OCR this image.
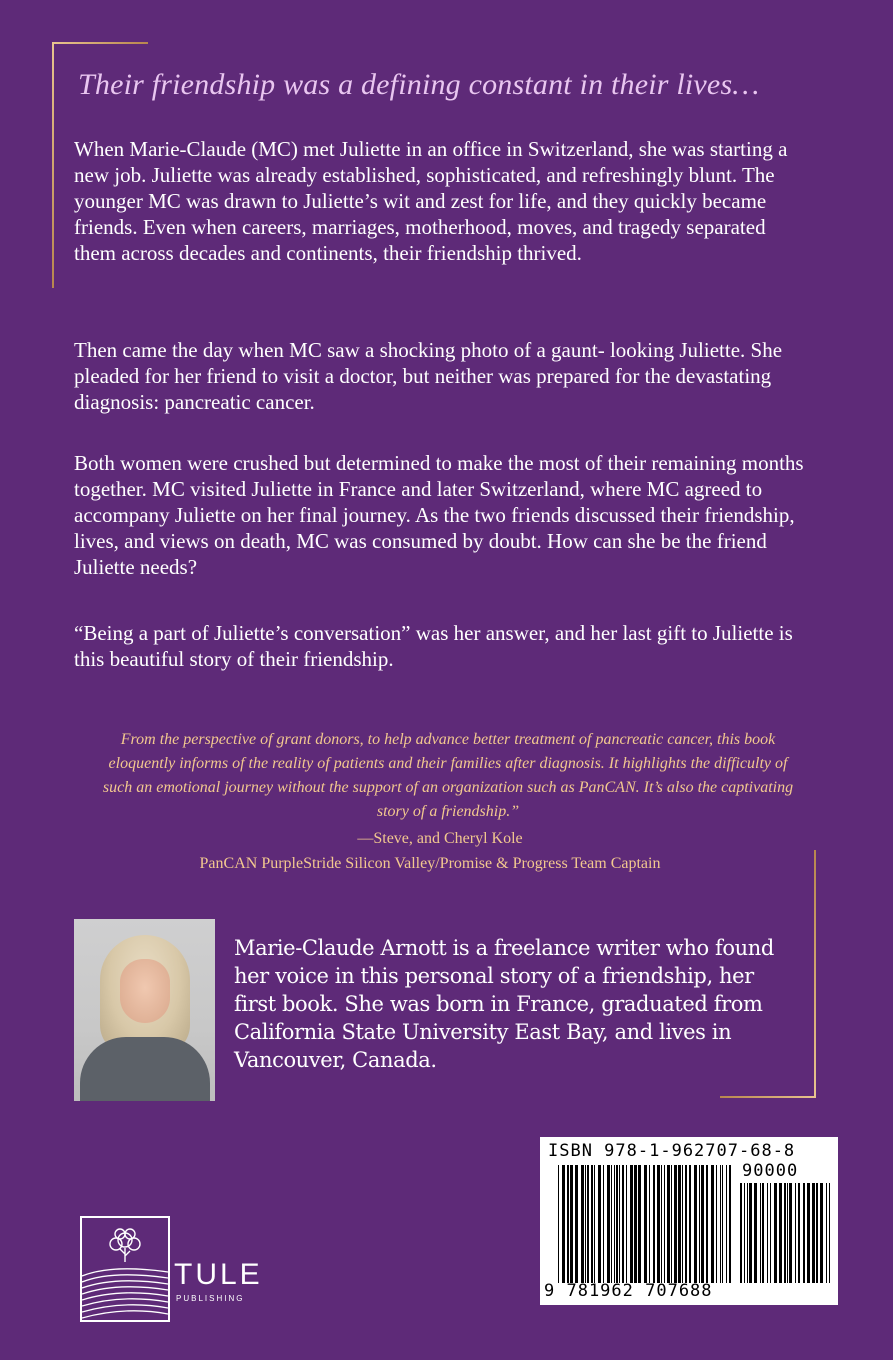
Their friendship was a defining constant in their lives…

When Marie-Claude (MC) met Juliette in an office in Switzerland, she was starting a new job. Juliette was already established, sophisticated, and refreshingly blunt. The younger MC was drawn to Juliette’s wit and zest for life, and they quickly became friends. Even when careers, marriages, motherhood, moves, and tragedy separated them across decades and continents, their friendship thrived.

Then came the day when MC saw a shocking photo of a gaunt- looking Juliette. She pleaded for her friend to visit a doctor, but neither was prepared for the devastating diagnosis: pancreatic cancer.

Both women were crushed but determined to make the most of their remaining months together. MC visited Juliette in France and later Switzerland, where MC agreed to accompany Juliette on her final journey. As the two friends discussed their friendship, lives, and views on death, MC was consumed by doubt. How can she be the friend Juliette needs?

“Being a part of Juliette’s conversation” was her answer, and her last gift to Juliette is this beautiful story of their friendship.

From the perspective of grant donors, to help advance better treatment of pancreatic cancer, this book eloquently informs of the reality of patients and their families after diagnosis. It highlights the difficulty of such an emotional journey without the support of an organization such as PanCAN. It’s also the captivating story of a friendship.”

—Steve, and Cheryl Kole

PanCAN PurpleStride Silicon Valley/Promise & Progress Team Captain

Marie-Claude Arnott is a freelance writer who found her voice in this personal story of a friendship, her first book. She was born in France, graduated from California State University East Bay, and lives in Vancouver, Canada.

ISBN 978-1-962707-68-8

90000

9 781962 707688

TULE

PUBLISHING
